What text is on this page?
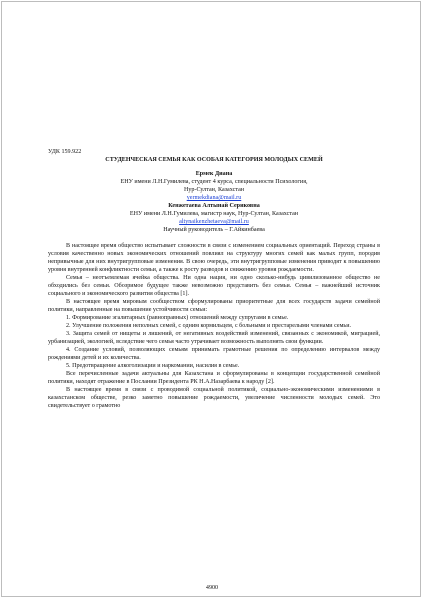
УДК 159.922
СТУДЕНЧЕСКАЯ СЕМЬЯ КАК ОСОБАЯ КАТЕГОРИЯ МОЛОДЫХ СЕМЕЙ
Ермек Диана
ЕНУ имени Л.Н.Гумилева, студент 4 курса, специальности Психология,
Нур-Султан, Казахстан
yermekdiana@mail.ru
Кенжетаева Алтынай Сериковна
ЕНУ имени Л.Н.Гумилева, магистр наук, Нур-Султан, Казахстан
altynaikenzhetaeva@mail.ru
Научный руководитель – Г.Айкинбаева

В настоящее время общество испытывает сложности в связи с изменением социальных ориентаций. Переход страны в условия качественно новых экономических отношений повлиял на структуру многих семей как малых групп, породив непривычные для них внутригрупповые изменения. В свою очередь, эти внутригрупповые изменения приводят к повышению уровня внутренней конфликтности семьи, а также к росту разводов и снижению уровня рождаемости.

Семья – неотъемлемая ячейка общества. Ни одна нация, ни одно сколько-нибудь цивилизованное общество не обходились без семьи. Обозримое будущее также невозможно представить без семьи. Семья – важнейший источник социального и экономического развития общества [1].

В настоящее время мировым сообществом сформулированы приоритетные для всех государств задачи семейной политики, направленные на повышение устойчивости семьи:

1. Формирование эгалитарных (равноправных) отношений между супругами в семье.

2. Улучшение положения неполных семей, с одним кормильцем, с больными и престарелыми членами семьи.

3. Защита семей от нищеты и лишений, от негативных воздействий изменений, связанных с экономикой, миграцией, урбанизацией, экологией, вследствие чего семья часто утрачивает возможность выполнять свои функции.

4. Создание условий, позволяющих семьям принимать грамотные решения по определению интервалов между рождениями детей и их количества.

5. Предотвращение алкоголизации и наркомании, насилия в семье.

Все перечисленные задачи актуальны для Казахстана и сформулированы в концепции государственной семейной политики, находят отражение в Послании Президента РК Н.А.Назарбаева к народу [2].

В настоящее время в связи с проводимой социальной политикой, социально-экономическими изменениями в казахстанском обществе, резко заметно повышение рождаемости, увеличение численности молодых семей. Это свидетельствует о грамотно

4900
